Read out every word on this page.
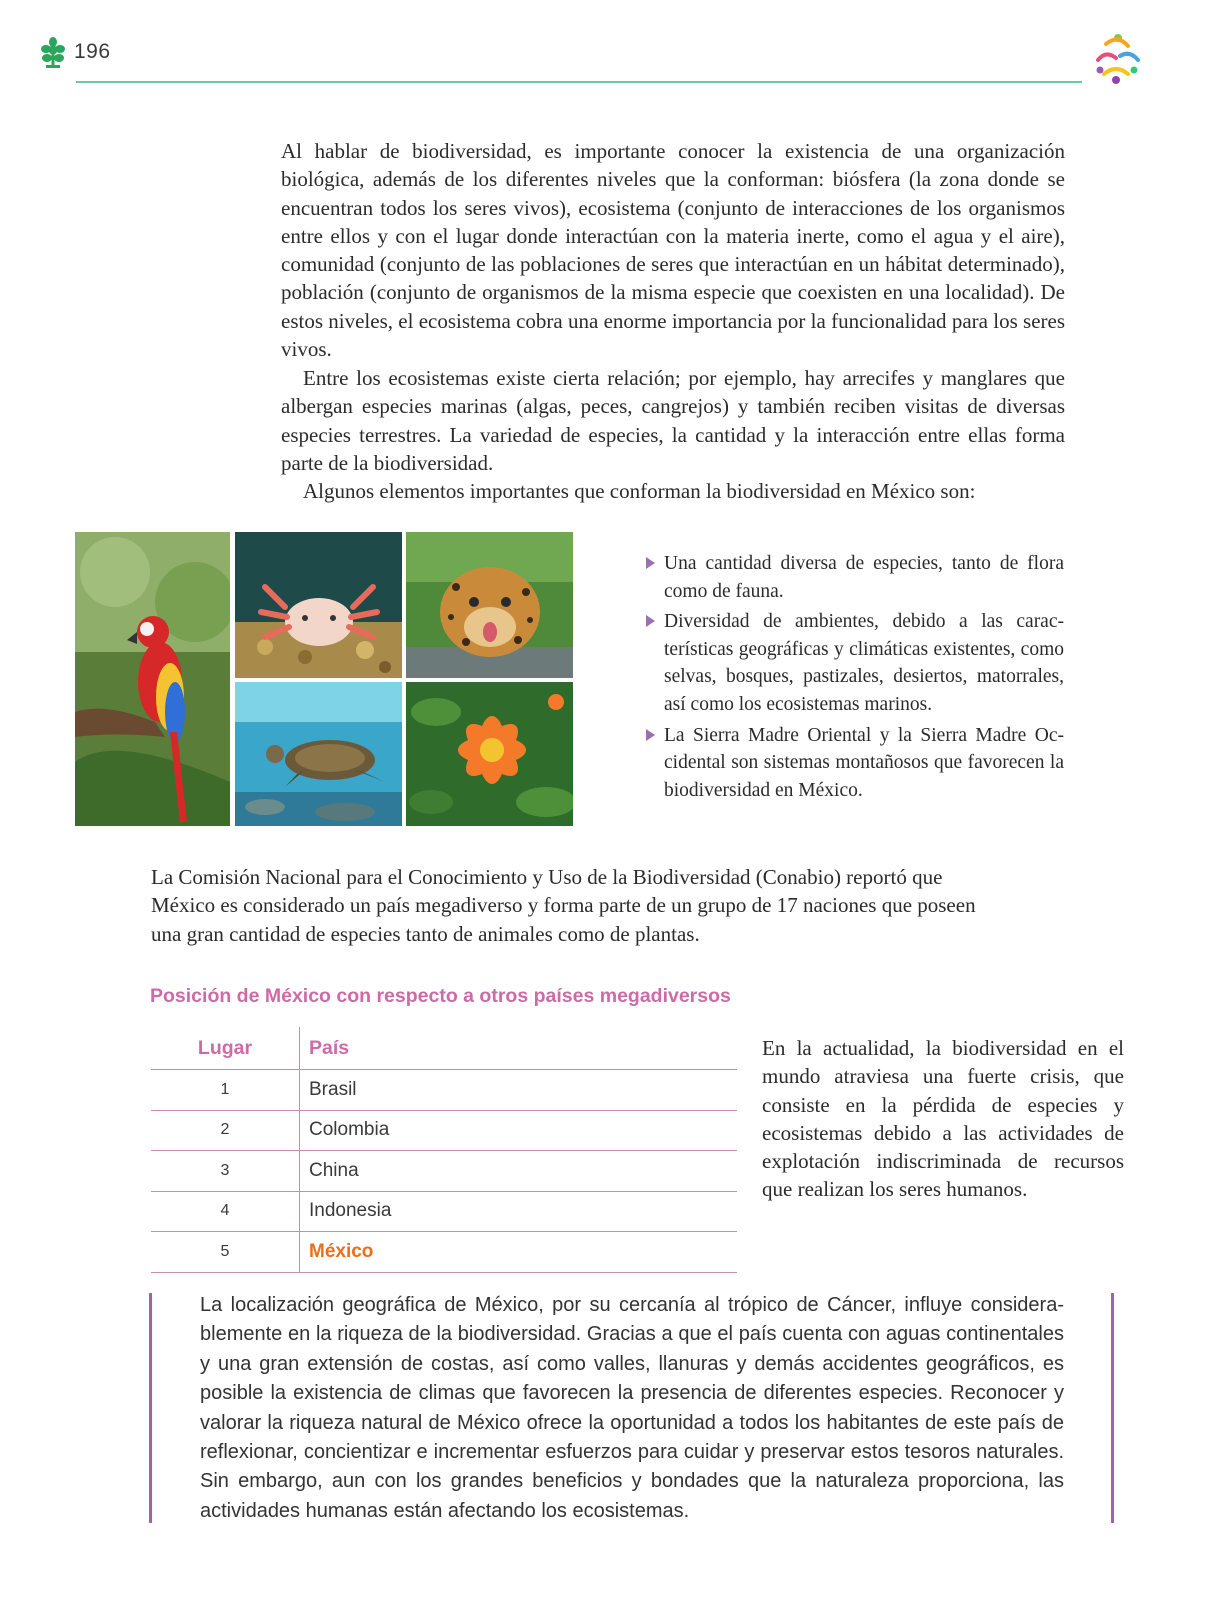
196

Al hablar de biodiversidad, es importante conocer la existencia de una organización biológica, además de los diferentes niveles que la conforman: biósfera (la zona donde se encuentran todos los seres vivos), ecosistema (conjunto de interacciones de los organismos entre ellos y con el lugar donde interactúan con la materia inerte, como el agua y el aire), comunidad (conjunto de las poblaciones de seres que interactúan en un hábitat determinado), población (conjunto de organismos de la misma especie que coexisten en una localidad). De estos niveles, el ecosistema cobra una enorme importancia por la funcionalidad para los seres vivos.

Entre los ecosistemas existe cierta relación; por ejemplo, hay arrecifes y manglares que albergan especies marinas (algas, peces, cangrejos) y también reciben visitas de diversas especies terrestres. La variedad de especies, la cantidad y la interacción entre ellas forma parte de la biodiversidad.

Algunos elementos importantes que conforman la biodiversidad en México son:

Una cantidad diversa de especies, tanto de flora como de fauna.
Diversidad de ambientes, debido a las características geográficas y climáticas existentes, como selvas, bosques, pastizales, desiertos, matorrales, así como los ecosistemas marinos.
La Sierra Madre Oriental y la Sierra Madre Occidental son sistemas montañosos que favorecen la biodiversidad en México.

La Comisión Nacional para el Conocimiento y Uso de la Biodiversidad (Conabio) reportó que México es considerado un país megadiverso y forma parte de un grupo de 17 naciones que poseen una gran cantidad de especies tanto de animales como de plantas.

Posición de México con respecto a otros países megadiversos
Lugar	País
1	Brasil
2	Colombia
3	China
4	Indonesia
5	México

En la actualidad, la biodiversidad en el mundo atraviesa una fuerte crisis, que consiste en la pérdida de especies y ecosistemas debido a las actividades de explotación indiscriminada de recursos que realizan los seres humanos.

La localización geográfica de México, por su cercanía al trópico de Cáncer, influye considerablemente en la riqueza de la biodiversidad. Gracias a que el país cuenta con aguas continentales y una gran extensión de costas, así como valles, llanuras y demás accidentes geográficos, es posible la existencia de climas que favorecen la presencia de diferentes especies. Reconocer y valorar la riqueza natural de México ofrece la oportunidad a todos los habitantes de este país de reflexionar, concientizar e incrementar esfuerzos para cuidar y preservar estos tesoros naturales. Sin embargo, aun con los grandes beneficios y bondades que la naturaleza proporciona, las actividades humanas están afectando los ecosistemas.
